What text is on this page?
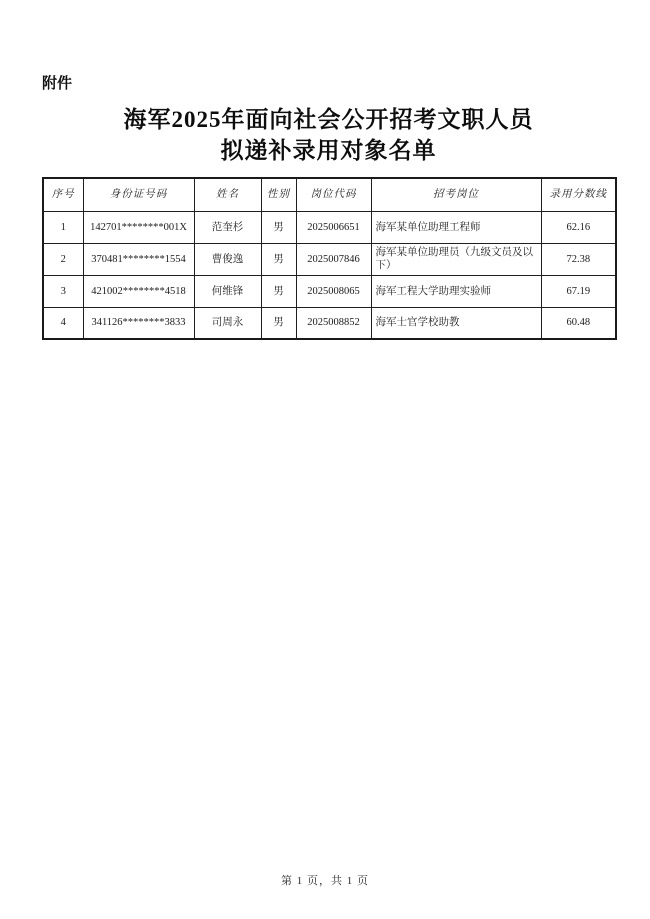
附件
海军2025年面向社会公开招考文职人员
拟递补录用对象名单
序号	身份证号码	姓名	性别	岗位代码	招考岗位	录用分数线
1	142701********001X	范奎杉	男	2025006651	海军某单位助理工程师	62.16
2	370481********1554	曹俊逸	男	2025007846	海军某单位助理员（九级文员及以下）	72.38
3	421002********4518	何维锋	男	2025008065	海军工程大学助理实验师	67.19
4	341126********3833	司周永	男	2025008852	海军士官学校助教	60.48
第 1 页，共 1 页
